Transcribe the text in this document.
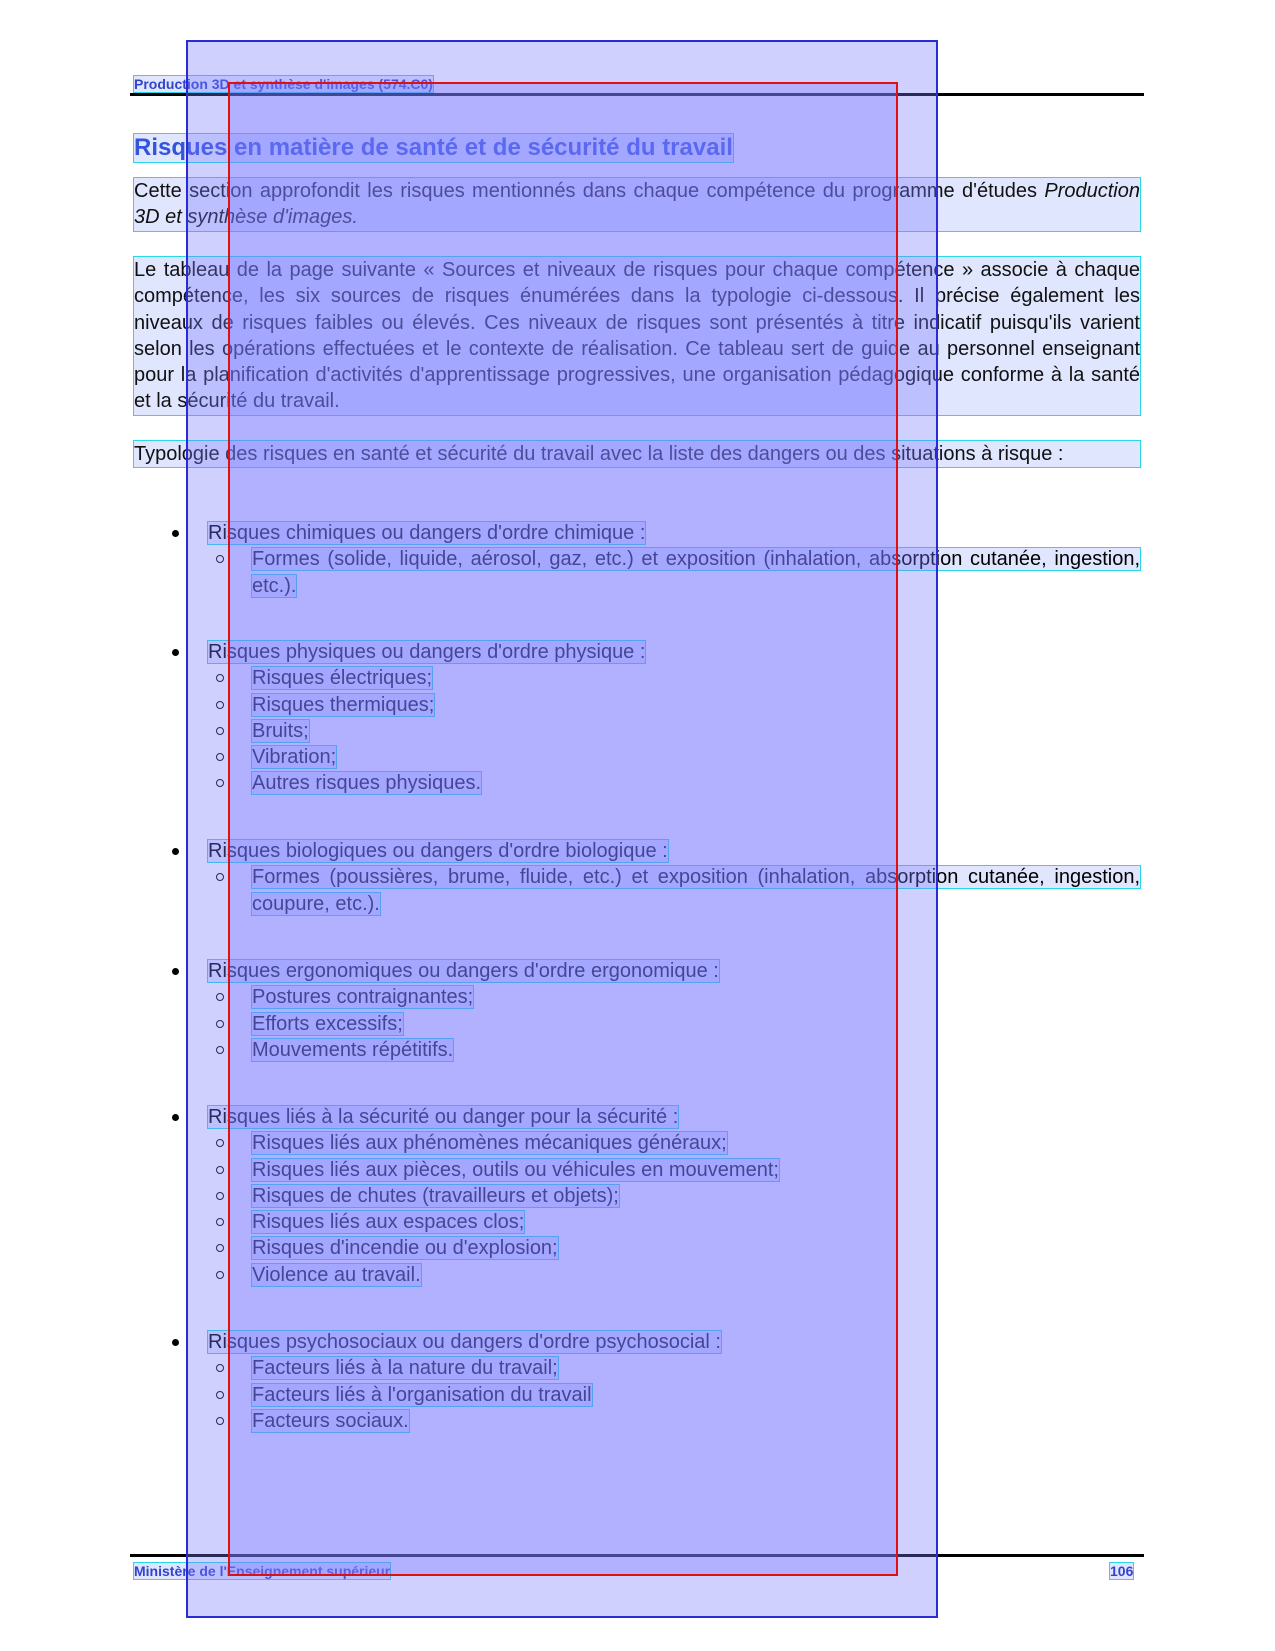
Production 3D et synthèse d'images (574.C0)
Risques en matière de santé et de sécurité du travail
Cette section approfondit les risques mentionnés dans chaque compétence du programme d'études Production 3D et synthèse d'images.
Le tableau de la page suivante « Sources et niveaux de risques pour chaque compétence » associe à chaque compétence, les six sources de risques énumérées dans la typologie ci-dessous. Il précise également les niveaux de risques faibles ou élevés. Ces niveaux de risques sont présentés à titre indicatif puisqu'ils varient selon les opérations effectuées et le contexte de réalisation. Ce tableau sert de guide au personnel enseignant pour la planification d'activités d'apprentissage progressives, une organisation pédagogique conforme à la santé et la sécurité du travail.
Typologie des risques en santé et sécurité du travail avec la liste des dangers ou des situations à risque :
Risques chimiques ou dangers d'ordre chimique :
Formes (solide, liquide, aérosol, gaz, etc.) et exposition (inhalation, absorption cutanée, ingestion, etc.).
Risques physiques ou dangers d'ordre physique :
Risques électriques;
Risques thermiques;
Bruits;
Vibration;
Autres risques physiques.
Risques biologiques ou dangers d'ordre biologique :
Formes (poussières, brume, fluide, etc.) et exposition (inhalation, absorption cutanée, ingestion, coupure, etc.).
Risques ergonomiques ou dangers d'ordre ergonomique :
Postures contraignantes;
Efforts excessifs;
Mouvements répétitifs.
Risques liés à la sécurité ou danger pour la sécurité :
Risques liés aux phénomènes mécaniques généraux;
Risques liés aux pièces, outils ou véhicules en mouvement;
Risques de chutes (travailleurs et objets);
Risques liés aux espaces clos;
Risques d'incendie ou d'explosion;
Violence au travail.
Risques psychosociaux ou dangers d'ordre psychosocial :
Facteurs liés à la nature du travail;
Facteurs liés à l'organisation du travail
Facteurs sociaux.
Ministère de l'Enseignement supérieur	106
